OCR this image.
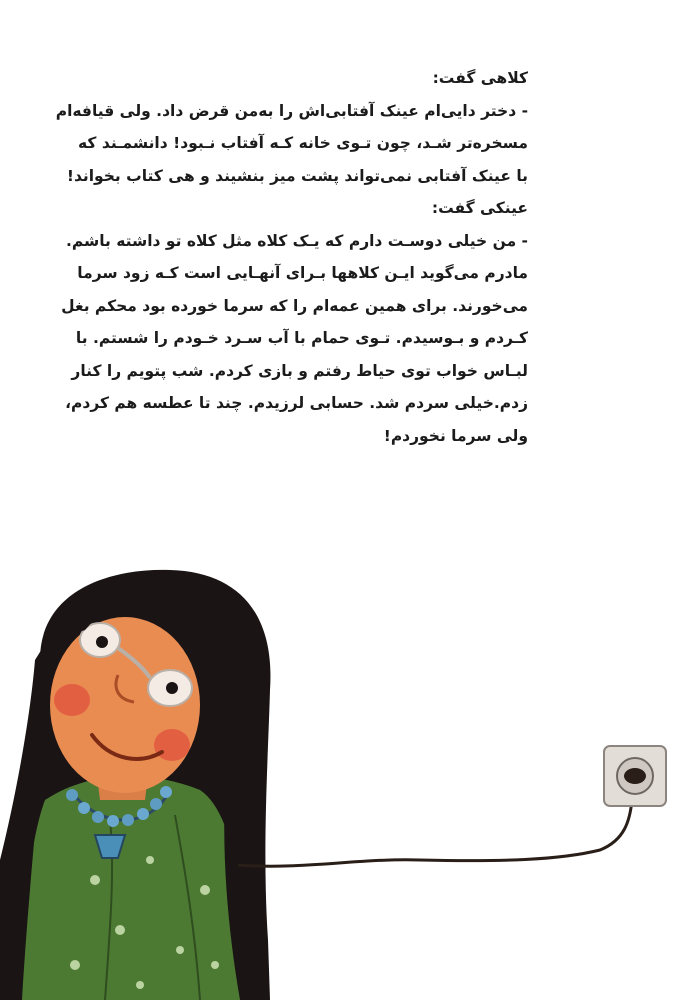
کلاهی گفت:
- دختر دایی‌ام عینک آفتابی‌اش را به‌من قرض داد. ولی قیافه‌ام
مسخره‌تر شـد، چون تـوی خانه کـه آفتاب نـبود! دانشمـند که
با عینک آفتابی نمی‌تواند پشت میز بنشیند و هی کتاب بخواند!
عینکی گفت:
- من خیلی دوسـت دارم که یـک کلاه مثل کلاه تو داشته باشم.
مادرم می‌گوید ایـن کلاهها بـرای آنهـایی است کـه زود سرما
می‌خورند. برای همین عمه‌ام را که سرما خورده بود محکم بغل
کـردم و بـوسیدم. تـوی حمام با آب سـرد خـودم را شستم. با
لبـاس خواب توی حیاط رفتم و بازی کردم. شب پتویم را کنار
زدم.خیلی سردم شد. حسابی لرزیدم. چند تا عطسه هم کردم،
ولی سرما نخوردم!
